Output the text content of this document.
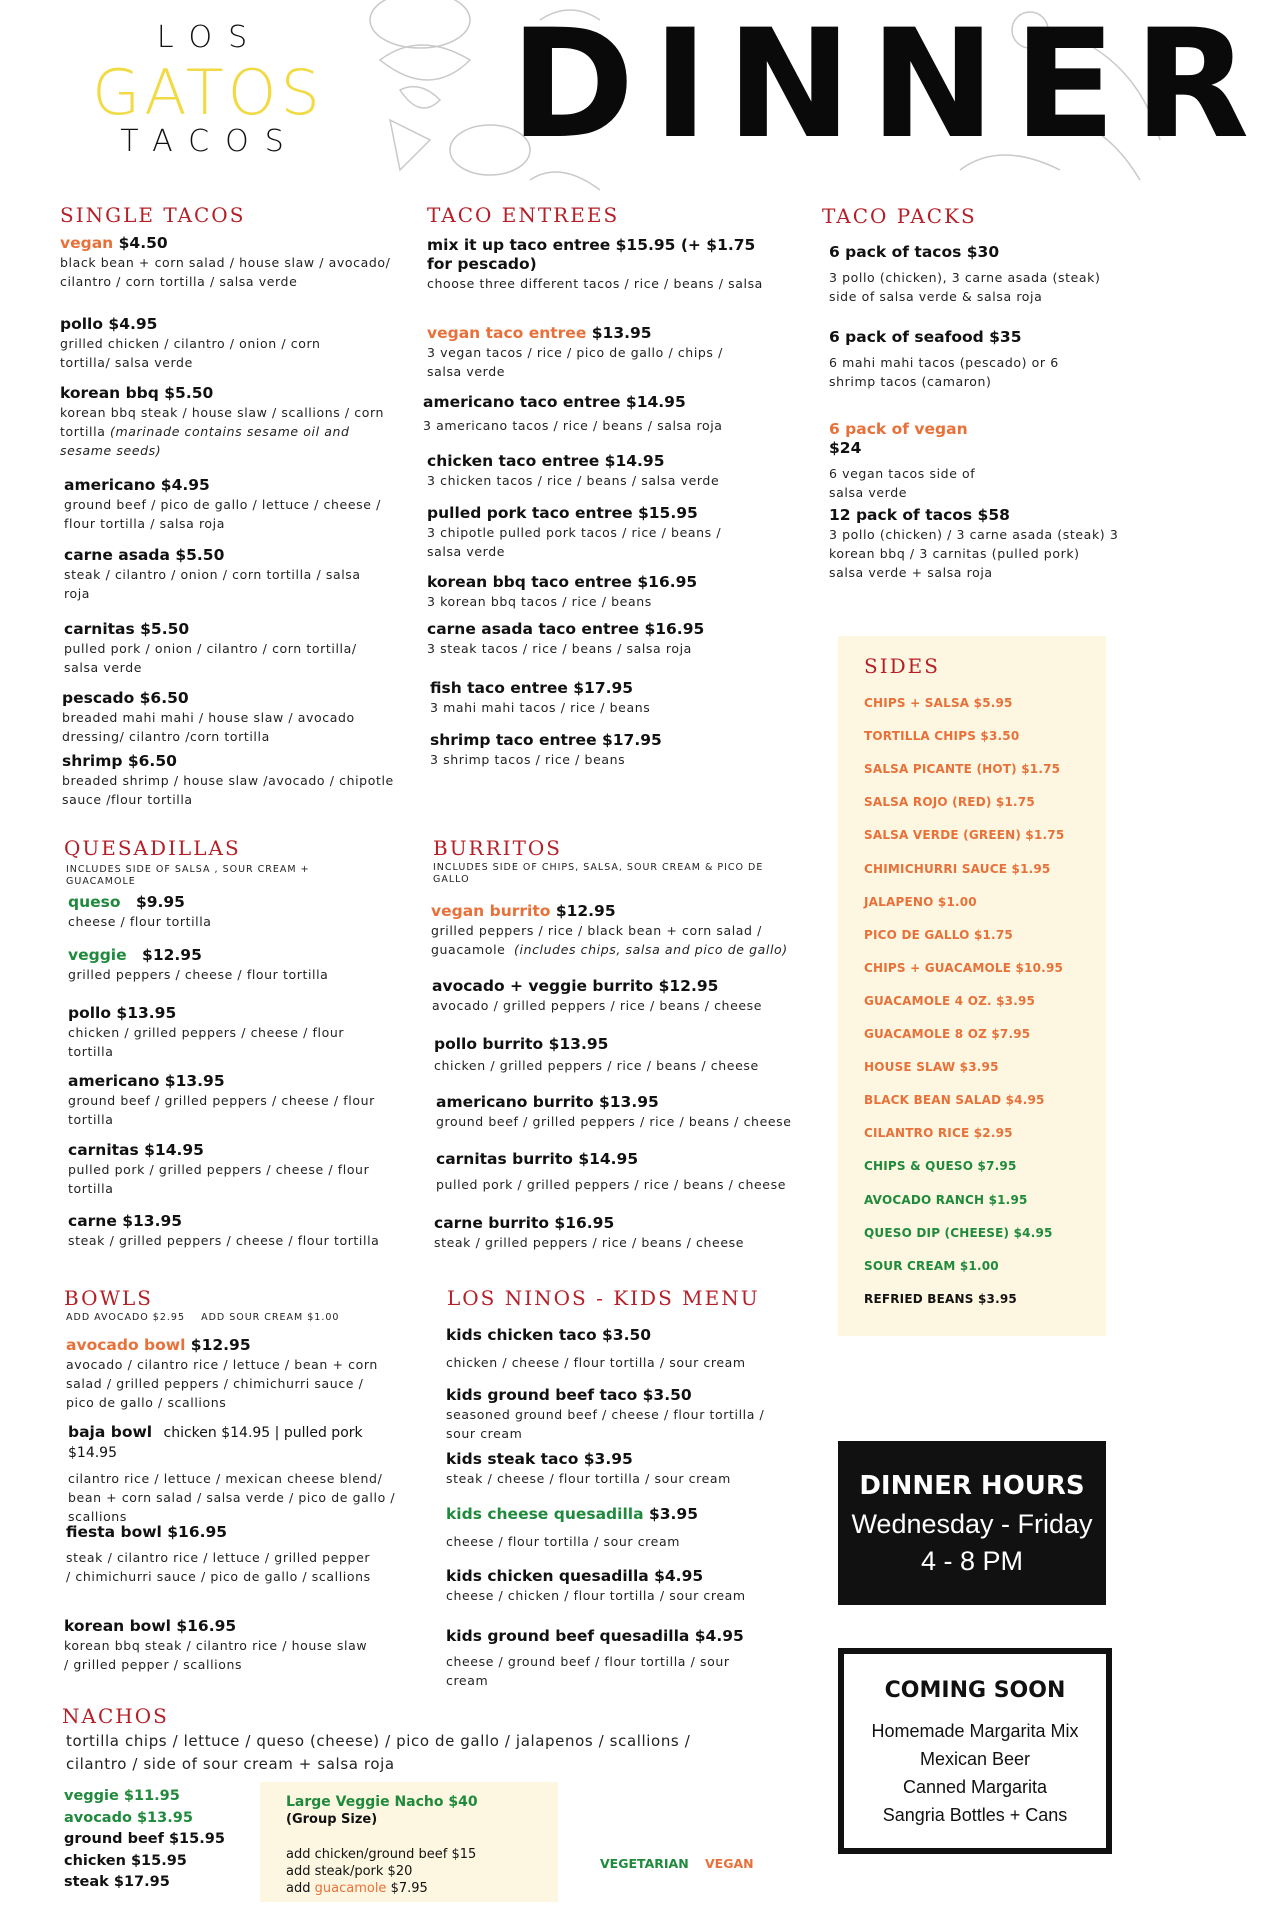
LOS
GATOS
TACOS	DINNER
SINGLE TACOS
vegan $4.50
black bean + corn salad / house slaw / avocado/ cilantro / corn tortilla / salsa verde
pollo $4.95
grilled chicken / cilantro / onion / corn tortilla/ salsa verde
korean bbq $5.50
korean bbq steak / house slaw / scallions / corn tortilla (marinade contains sesame oil and sesame seeds)
americano $4.95
ground beef / pico de gallo / lettuce / cheese / flour tortilla / salsa roja
carne asada $5.50
steak / cilantro / onion / corn tortilla / salsa roja
carnitas $5.50
pulled pork / onion / cilantro / corn tortilla/ salsa verde
pescado $6.50
breaded mahi mahi / house slaw / avocado dressing/ cilantro /corn tortilla
shrimp $6.50
breaded shrimp / house slaw /avocado / chipotle sauce /flour tortilla
TACO ENTREES
mix it up taco entree $15.95 (+ $1.75 for pescado)
choose three different tacos / rice / beans / salsa
vegan taco entree $13.95
3 vegan tacos / rice / pico de gallo / chips / salsa verde
americano taco entree $14.95
3 americano tacos / rice / beans / salsa roja
chicken taco entree $14.95
3 chicken tacos / rice / beans / salsa verde
pulled pork taco entree $15.95
3 chipotle pulled pork tacos / rice / beans / salsa verde
korean bbq taco entree $16.95
3 korean bbq tacos / rice / beans
carne asada taco entree $16.95
3 steak tacos / rice / beans / salsa roja
fish taco entree $17.95
3 mahi mahi tacos / rice / beans
shrimp taco entree $17.95
3 shrimp tacos / rice / beans
TACO PACKS
6 pack of tacos $30
3 pollo (chicken), 3 carne asada (steak) side of salsa verde & salsa roja
6 pack of seafood $35
6 mahi mahi tacos (pescado) or 6 shrimp tacos (camaron)
6 pack of vegan $24
6 vegan tacos side of salsa verde
12 pack of tacos $58
3 pollo (chicken) / 3 carne asada (steak) 3 korean bbq / 3 carnitas (pulled pork) salsa verde + salsa roja
SIDES
CHIPS + SALSA $5.95
TORTILLA CHIPS $3.50
SALSA PICANTE (HOT) $1.75
SALSA ROJO (RED) $1.75
SALSA VERDE (GREEN) $1.75
CHIMICHURRI SAUCE $1.95
JALAPENO $1.00
PICO DE GALLO $1.75
CHIPS + GUACAMOLE $10.95
GUACAMOLE 4 OZ. $3.95
GUACAMOLE 8 OZ $7.95
HOUSE SLAW $3.95
BLACK BEAN SALAD $4.95
CILANTRO RICE $2.95
CHIPS & QUESO $7.95
AVOCADO RANCH $1.95
QUESO DIP (CHEESE) $4.95
SOUR CREAM $1.00
REFRIED BEANS $3.95
QUESADILLAS
INCLUDES SIDE OF SALSA , SOUR CREAM + GUACAMOLE
queso $9.95
cheese / flour tortilla
veggie $12.95
grilled peppers / cheese / flour tortilla
pollo $13.95
chicken / grilled peppers / cheese / flour tortilla
americano $13.95
ground beef / grilled peppers / cheese / flour tortilla
carnitas $14.95
pulled pork / grilled peppers / cheese / flour tortilla
carne $13.95
steak / grilled peppers / cheese / flour tortilla
BURRITOS
INCLUDES SIDE OF CHIPS, SALSA, SOUR CREAM & PICO DE GALLO
vegan burrito $12.95
grilled peppers / rice / black bean + corn salad / guacamole (includes chips, salsa and pico de gallo)
avocado + veggie burrito $12.95
avocado / grilled peppers / rice / beans / cheese
pollo burrito $13.95
chicken / grilled peppers / rice / beans / cheese
americano burrito $13.95
ground beef / grilled peppers / rice / beans / cheese
carnitas burrito $14.95
pulled pork / grilled peppers / rice / beans / cheese
carne burrito $16.95
steak / grilled peppers / rice / beans / cheese
BOWLS
ADD AVOCADO $2.95    ADD SOUR CREAM $1.00
avocado bowl $12.95
avocado / cilantro rice / lettuce / bean + corn salad / grilled peppers / chimichurri sauce / pico de gallo / scallions
baja bowl chicken $14.95 | pulled pork $14.95
cilantro rice / lettuce / mexican cheese blend/ bean + corn salad / salsa verde / pico de gallo / scallions
fiesta bowl $16.95
steak / cilantro rice / lettuce / grilled pepper / chimichurri sauce / pico de gallo / scallions
korean bowl $16.95
korean bbq steak / cilantro rice / house slaw / grilled pepper / scallions
LOS NINOS - KIDS MENU
kids chicken taco $3.50
chicken / cheese / flour tortilla / sour cream
kids ground beef taco $3.50
seasoned ground beef / cheese / flour tortilla / sour cream
kids steak taco $3.95
steak / cheese / flour tortilla / sour cream
kids cheese quesadilla $3.95
cheese / flour tortilla / sour cream
kids chicken quesadilla $4.95
cheese / chicken / flour tortilla / sour cream
kids ground beef quesadilla $4.95
cheese / ground beef / flour tortilla / sour cream
NACHOS
tortilla chips / lettuce / queso (cheese) / pico de gallo / jalapenos / scallions / cilantro / side of sour cream + salsa roja
veggie $11.95
avocado $13.95
ground beef $15.95
chicken $15.95
steak $17.95
Large Veggie Nacho $40
(Group Size)
add chicken/ground beef $15
add steak/pork $20
add guacamole $7.95
VEGETARIAN VEGAN
DINNER HOURS
Wednesday - Friday
4 - 8 PM
COMING SOON
Homemade Margarita Mix
Mexican Beer
Canned Margarita
Sangria Bottles + Cans
